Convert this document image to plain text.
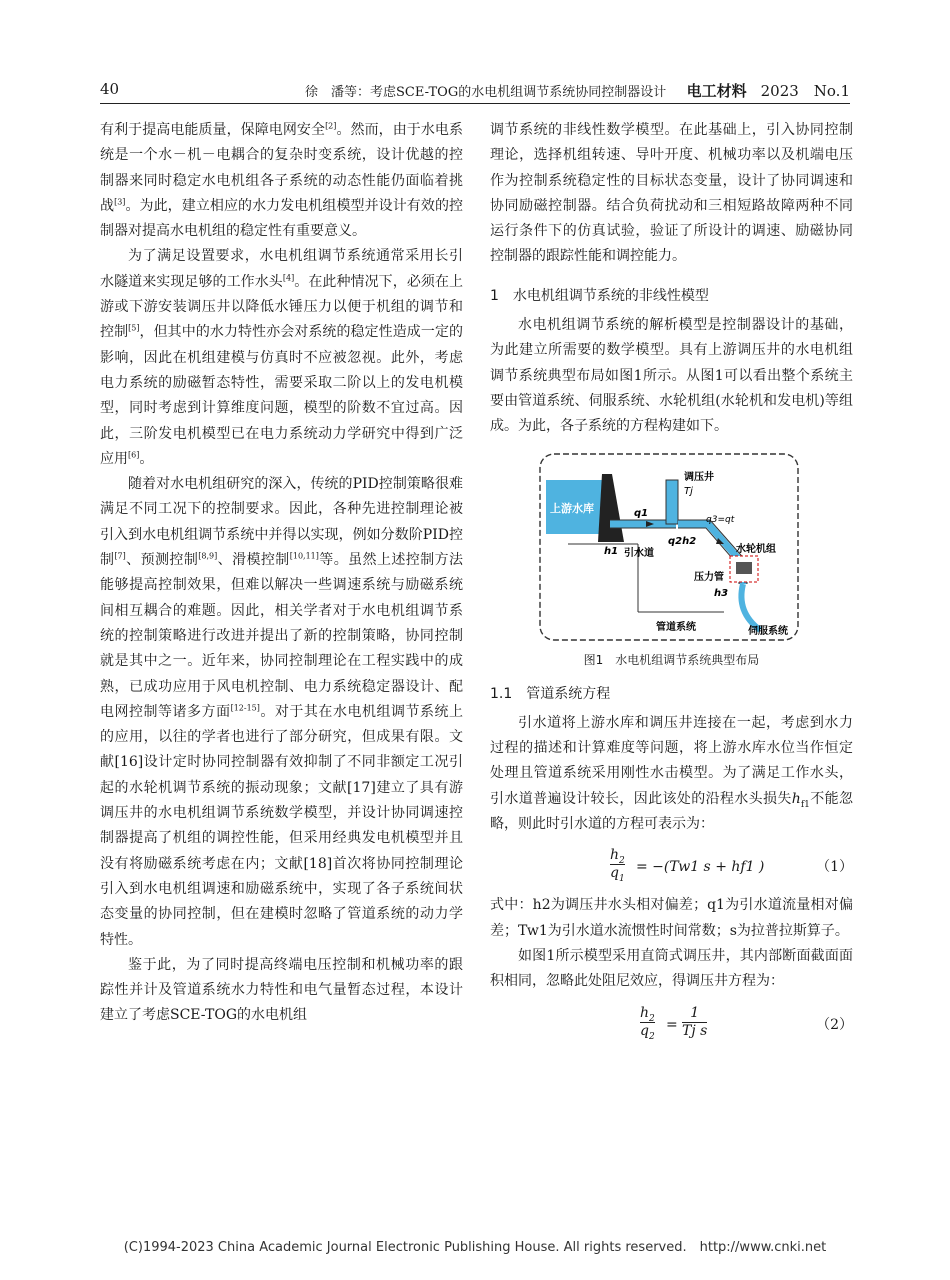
40	徐　潘等：考虑SCE-TOG的水电机组调节系统协同控制器设计 电工材料 2023　No.1

有利于提高电能质量，保障电网安全[2]。然而，由于水电系统是一个水－机－电耦合的复杂时变系统，设计优越的控制器来同时稳定水电机组各子系统的动态性能仍面临着挑战[3]。为此，建立相应的水力发电机组模型并设计有效的控制器对提高水电机组的稳定性有重要意义。

为了满足设置要求，水电机组调节系统通常采用长引水隧道来实现足够的工作水头[4]。在此种情况下，必须在上游或下游安装调压井以降低水锤压力以便于机组的调节和控制[5]，但其中的水力特性亦会对系统的稳定性造成一定的影响，因此在机组建模与仿真时不应被忽视。此外，考虑电力系统的励磁暂态特性，需要采取二阶以上的发电机模型，同时考虑到计算维度问题，模型的阶数不宜过高。因此，三阶发电机模型已在电力系统动力学研究中得到广泛应用[6]。

随着对水电机组研究的深入，传统的PID控制策略很难满足不同工况下的控制要求。因此，各种先进控制理论被引入到水电机组调节系统中并得以实现，例如分数阶PID控制[7]、预测控制[8,9]、滑模控制[10,11]等。虽然上述控制方法能够提高控制效果，但难以解决一些调速系统与励磁系统间相互耦合的难题。因此，相关学者对于水电机组调节系统的控制策略进行改进并提出了新的控制策略，协同控制就是其中之一。近年来，协同控制理论在工程实践中的成熟，已成功应用于风电机控制、电力系统稳定器设计、配电网控制等诸多方面[12-15]。对于其在水电机组调节系统上的应用，以往的学者也进行了部分研究，但成果有限。文献[16]设计定时协同控制器有效抑制了不同非额定工况引起的水轮机调节系统的振动现象；文献[17]建立了具有游调压井的水电机组调节系统数学模型，并设计协同调速控制器提高了机组的调控性能，但采用经典发电机模型并且没有将励磁系统考虑在内；文献[18]首次将协同控制理论引入到水电机组调速和励磁系统中，实现了各子系统间状态变量的协同控制，但在建模时忽略了管道系统的动力学特性。

鉴于此，为了同时提高终端电压控制和机械功率的跟踪性并计及管道系统水力特性和电气量暂态过程，本设计建立了考虑SCE-TOG的水电机组

调节系统的非线性数学模型。在此基础上，引入协同控制理论，选择机组转速、导叶开度、机械功率以及机端电压作为控制系统稳定性的目标状态变量，设计了协同调速和协同励磁控制器。结合负荷扰动和三相短路故障两种不同运行条件下的仿真试验，验证了所设计的调速、励磁协同控制器的跟踪性能和调控能力。

1 水电机组调节系统的非线性模型

水电机组调节系统的解析模型是控制器设计的基础，为此建立所需要的数学模型。具有上游调压井的水电机组调节系统典型布局如图1所示。从图1可以看出整个系统主要由管道系统、伺服系统、水轮机组(水轮机和发电机)等组成。为此，各子系统的方程构建如下。

上游水库
调压井
Tj
q1
h1 引水道
q2h2
q3=qt
水轮机组
压力管
h3
管道系统	伺服系统
图1　水电机组调节系统典型布局
1.1 管道系统方程

引水道将上游水库和调压井连接在一起，考虑到水力过程的描述和计算难度等问题，将上游水库水位当作恒定处理且管道系统采用刚性水击模型。为了满足工作水头，引水道普遍设计较长，因此该处的沿程水头损失$h_{f1}$不能忽略，则此时引水道的方程可表示为：

$\frac{h_2}{q_1} = -(Tw1$ s + hf1 )	（1）

式中：h2为调压井水头相对偏差；q1为引水道流量相对偏差；Tw1为引水道水流惯性时间常数；s为拉普拉斯算子。

如图1所示模型采用直筒式调压井，其内部断面截面面积相同，忽略此处阻尼效应，得调压井方程为：

$\frac{h_2}{q_2} = \frac{1}{\text{Tj s}}$	（2）
(C)1994-2023 China Academic Journal Electronic Publishing House. All rights reserved.　http://www.cnki.net
